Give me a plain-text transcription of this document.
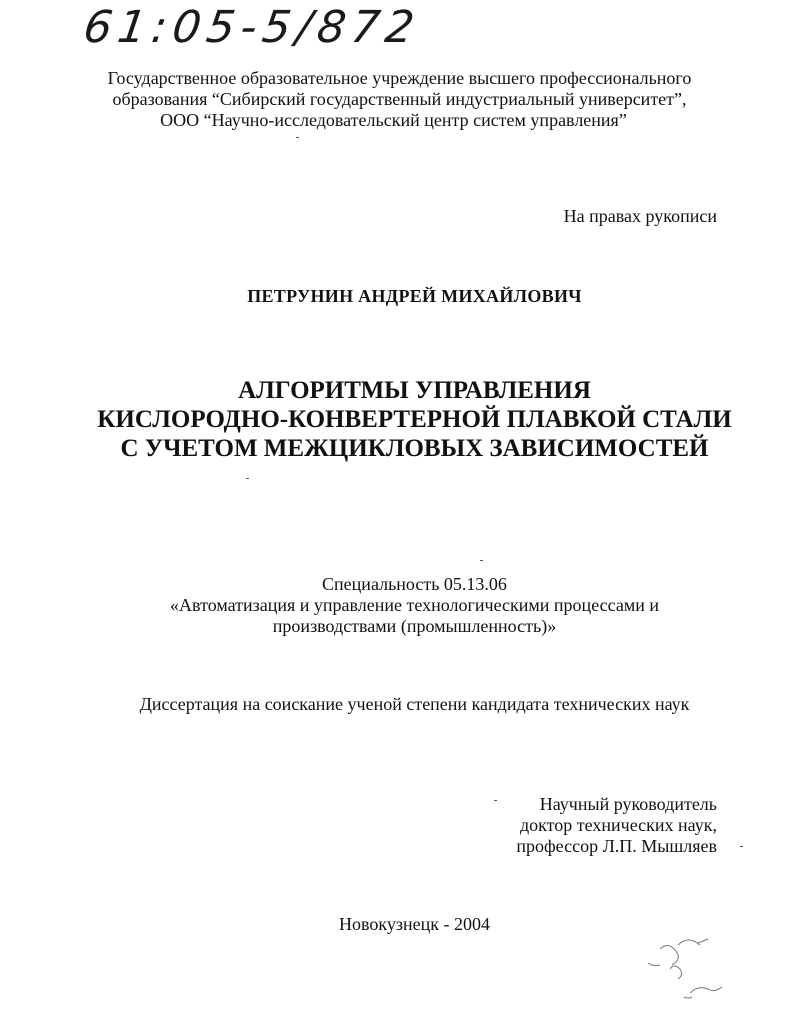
61:05-5/872
Государственное образовательное учреждение высшего профессионального
образования “Сибирский государственный индустриальный университет”,
ООО “Научно-исследовательский центр систем управления”
На правах рукописи
ПЕТРУНИН АНДРЕЙ МИХАЙЛОВИЧ
АЛГОРИТМЫ УПРАВЛЕНИЯ
КИСЛОРОДНО-КОНВЕРТЕРНОЙ ПЛАВКОЙ СТАЛИ
С УЧЕТОМ МЕЖЦИКЛОВЫХ ЗАВИСИМОСТЕЙ
Специальность 05.13.06
«Автоматизация и управление технологическими процессами и
производствами (промышленность)»
Диссертация на соискание ученой степени кандидата технических наук
Научный руководитель
доктор технических наук,
профессор Л.П. Мышляев
Новокузнецк - 2004
